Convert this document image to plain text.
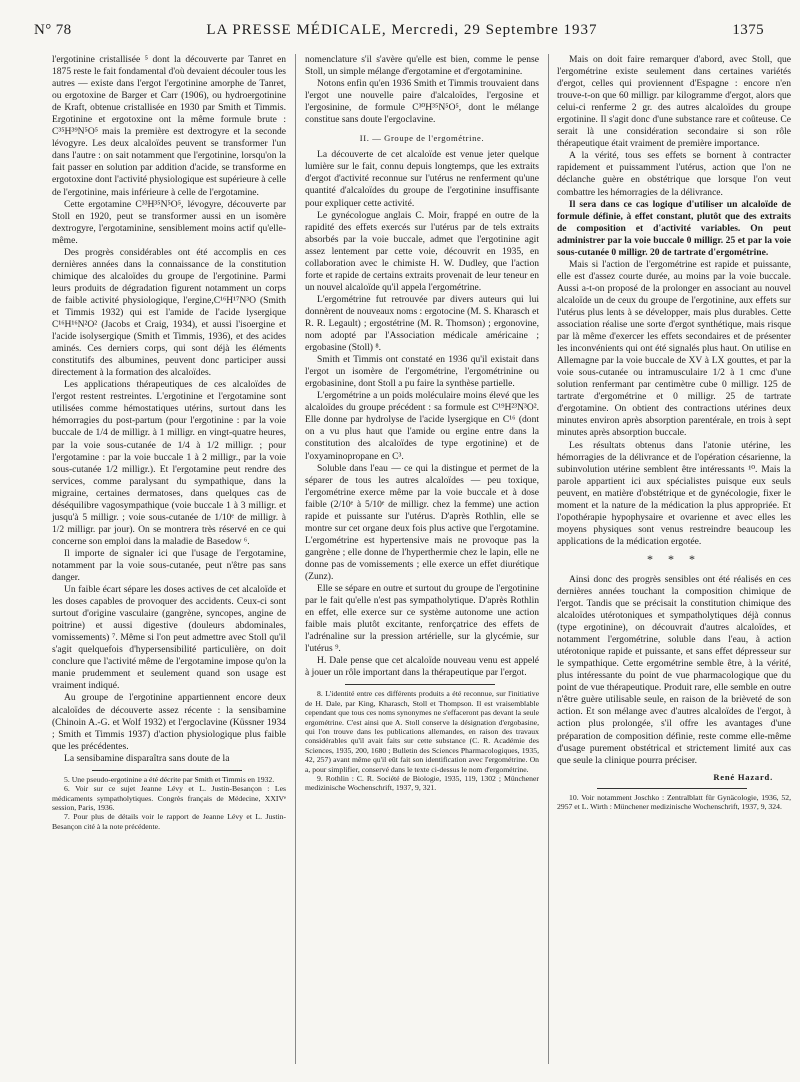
N° 78	LA PRESSE MÉDICALE, Mercredi, 29 Septembre 1937	1375

l'ergotinine cristallisée ⁵ dont la découverte par Tanret en 1875 reste le fait fondamental d'où devaient découler tous les autres — existe dans l'ergot l'ergotinine amorphe de Tanret, ou ergotoxine de Barger et Carr (1906), ou hydroergotinine de Kraft, obtenue cristallisée en 1930 par Smith et Timmis. Ergotinine et ergotoxine ont la même formule brute : C³⁵H³⁹N⁵O⁵ mais la première est dextrogyre et la seconde lévogyre. Les deux alcaloïdes peuvent se transformer l'un dans l'autre : on sait notamment que l'ergotinine, lorsqu'on la fait passer en solution par addition d'acide, se transforme en ergotoxine dont l'activité physiologique est supérieure à celle de l'ergotinine, mais inférieure à celle de l'ergotamine.

Cette ergotamine C³³H³⁵N⁵O⁵, lévogyre, découverte par Stoll en 1920, peut se transformer aussi en un isomère dextrogyre, l'ergotaminine, sensiblement moins actif qu'elle-même.

Des progrès considérables ont été accomplis en ces dernières années dans la connaissance de la constitution chimique des alcaloïdes du groupe de l'ergotinine. Parmi leurs produits de dégradation figurent notamment un corps de faible activité physiologique, l'ergine,C¹⁶H¹⁷N³O (Smith et Timmis 1932) qui est l'amide de l'acide lysergique C¹⁶H¹⁶N²O² (Jacobs et Craig, 1934), et aussi l'isoergine et l'acide isolysergique (Smith et Timmis, 1936), et des acides aminés. Ces derniers corps, qui sont déjà les éléments constitutifs des albumines, peuvent donc participer aussi directement à la formation des alcaloïdes.

Les applications thérapeutiques de ces alcaloïdes de l'ergot restent restreintes. L'ergotinine et l'ergotamine sont utilisées comme hémostatiques utérins, surtout dans les hémorragies du post-partum (pour l'ergotinine : par la voie buccale de 1/4 de milligr. à 1 milligr. en vingt-quatre heures, par la voie sous-cutanée de 1/4 à 1/2 milligr. ; pour l'ergotamine : par la voie buccale 1 à 2 milligr., par la voie sous-cutanée 1/2 milligr.). Et l'ergotamine peut rendre des services, comme paralysant du sympathique, dans la migraine, certaines dermatoses, dans quelques cas de déséquilibre vagosympathique (voie buccale 1 à 3 milligr. et jusqu'à 5 milligr. ; voie sous-cutanée de 1/10ᵉ de milligr. à 1/2 milligr. par jour). On se montrera très réservé en ce qui concerne son emploi dans la maladie de Basedow ⁶.

Il importe de signaler ici que l'usage de l'ergotamine, notamment par la voie sous-cutanée, peut n'être pas sans danger.

Un faible écart sépare les doses actives de cet alcaloïde et les doses capables de provoquer des accidents. Ceux-ci sont surtout d'origine vasculaire (gangrène, syncopes, angine de poitrine) et aussi digestive (douleurs abdominales, vomissements) ⁷. Même si l'on peut admettre avec Stoll qu'il s'agit quelquefois d'hypersensibilité particulière, on doit conclure que l'activité même de l'ergotamine impose qu'on la manie prudemment et seulement quand son usage est vraiment indiqué.

Au groupe de l'ergotinine appartiennent encore deux alcaloïdes de découverte assez récente : la sensibamine (Chinoin A.-G. et Wolf 1932) et l'ergoclavine (Küssner 1934 ; Smith et Timmis 1937) d'action physiologique plus faible que les précédentes.

La sensibamine disparaîtra sans doute de la

5. Une pseudo-ergotinine a été décrite par Smith et Timmis en 1932.

6. Voir sur ce sujet Jeanne Lévy et L. Justin-Besançon : Les médicaments sympatholytiques. Congrès français de Médecine, XXIVᵉ session, Paris, 1936.

7. Pour plus de détails voir le rapport de Jeanne Lévy et L. Justin-Besançon cité à la note précédente.

nomenclature s'il s'avère qu'elle est bien, comme le pense Stoll, un simple mélange d'ergotamine et d'ergotaminine.

Notons enfin qu'en 1936 Smith et Timmis trouvaient dans l'ergot une nouvelle paire d'alcaloïdes, l'ergosine et l'ergosinine, de formule C³⁰H³⁵N⁵O⁵, dont le mélange constitue sans doute l'ergoclavine.

II. — Groupe de l'ergométrine.

La découverte de cet alcaloïde est venue jeter quelque lumière sur le fait, connu depuis longtemps, que les extraits d'ergot d'activité reconnue sur l'utérus ne renferment qu'une quantité d'alcaloïdes du groupe de l'ergotinine insuffisante pour expliquer cette activité.

Le gynécologue anglais C. Moir, frappé en outre de la rapidité des effets exercés sur l'utérus par de tels extraits absorbés par la voie buccale, admet que l'ergotinine agit assez lentement par cette voie, découvrit en 1935, en collaboration avec le chimiste H. W. Dudley, que l'action forte et rapide de certains extraits provenait de leur teneur en un nouvel alcaloïde qu'il appela l'ergométrine.

L'ergométrine fut retrouvée par divers auteurs qui lui donnèrent de nouveaux noms : ergotocine (M. S. Kharasch et R. R. Legault) ; ergostétrine (M. R. Thomson) ; ergonovine, nom adopté par l'Association médicale américaine ; ergobasine (Stoll) ⁸.

Smith et Timmis ont constaté en 1936 qu'il existait dans l'ergot un isomère de l'ergométrine, l'ergométrinine ou ergobasinine, dont Stoll a pu faire la synthèse partielle.

L'ergométrine a un poids moléculaire moins élevé que les alcaloïdes du groupe précédent : sa formule est C¹⁹H²³N³O². Elle donne par hydrolyse de l'acide lysergique en C¹⁶ (dont on a vu plus haut que l'amide ou ergine entre dans la constitution des alcaloïdes de type ergotinine) et de l'oxyaminopropane en C³.

Soluble dans l'eau — ce qui la distingue et permet de la séparer de tous les autres alcaloïdes — peu toxique, l'ergométrine exerce même par la voie buccale et à dose faible (2/10ᵉ à 5/10ᵉ de milligr. chez la femme) une action rapide et puissante sur l'utérus. D'après Rothlin, elle se montre sur cet organe deux fois plus active que l'ergotamine. L'ergométrine est hypertensive mais ne provoque pas la gangrène ; elle donne de l'hyperthermie chez le lapin, elle ne donne pas de vomissements ; elle exerce un effet diurétique (Zunz).

Elle se sépare en outre et surtout du groupe de l'ergotinine par le fait qu'elle n'est pas sympatholytique. D'après Rothlin en effet, elle exerce sur ce système autonome une action faible mais plutôt excitante, renforçatrice des effets de l'adrénaline sur la pression artérielle, sur la glycémie, sur l'utérus ⁹.

H. Dale pense que cet alcaloïde nouveau venu est appelé à jouer un rôle important dans la thérapeutique par l'ergot.

8. L'identité entre ces différents produits a été reconnue, sur l'initiative de H. Dale, par King, Kharasch, Stoll et Thompson. Il est vraisemblable cependant que tous ces noms synonymes ne s'effaceront pas devant la seule ergométrine. C'est ainsi que A. Stoll conserve la désignation d'ergobasine, qui l'on trouve dans les publications allemandes, en raison des travaux considérables qu'il avait faits sur cette substance (C. R. Académie des Sciences, 1935, 200, 1680 ; Bulletin des Sciences Pharmacologiques, 1935, 42, 257) avant même qu'il eût fait son identification avec l'ergométrine. On a, pour simplifier, conservé dans le texte ci-dessus le nom d'ergométrine.

9. Rothlin : C. R. Société de Biologie, 1935, 119, 1302 ; Münchener medizinische Wochenschrift, 1937, 9, 321.

Mais on doit faire remarquer d'abord, avec Stoll, que l'ergométrine existe seulement dans certaines variétés d'ergot, celles qui proviennent d'Espagne : encore n'en trouve-t-on que 60 milligr. par kilogramme d'ergot, alors que celui-ci renferme 2 gr. des autres alcaloïdes du groupe ergotinine. Il s'agit donc d'une substance rare et coûteuse. Ce serait là une considération secondaire si son rôle thérapeutique était vraiment de première importance.

A la vérité, tous ses effets se bornent à contracter rapidement et puissamment l'utérus, action que l'on ne déclanche guère en obstétrique que lorsque l'on veut combattre les hémorragies de la délivrance.

Il sera dans ce cas logique d'utiliser un alcaloïde de formule définie, à effet constant, plutôt que des extraits de composition et d'activité variables. On peut administrer par la voie buccale 0 milligr. 25 et par la voie sous-cutanée 0 milligr. 20 de tartrate d'ergométrine.

Mais si l'action de l'ergométrine est rapide et puissante, elle est d'assez courte durée, au moins par la voie buccale. Aussi a-t-on proposé de la prolonger en associant au nouvel alcaloïde un de ceux du groupe de l'ergotinine, aux effets sur l'utérus plus lents à se développer, mais plus durables. Cette association réalise une sorte d'ergot synthétique, mais risque par là même d'exercer les effets secondaires et de présenter les inconvénients qui ont été signalés plus haut. On utilise en Allemagne par la voie buccale de XV à LX gouttes, et par la voie sous-cutanée ou intramusculaire 1/2 à 1 cmc d'une solution renfermant par centimètre cube 0 milligr. 125 de tartrate d'ergométrine et 0 milligr. 25 de tartrate d'ergotamine. On obtient des contractions utérines deux minutes environ après absorption parentérale, en trois à sept minutes après absorption buccale.

Les résultats obtenus dans l'atonie utérine, les hémorragies de la délivrance et de l'opération césarienne, la subinvolution utérine semblent être intéressants ¹⁰. Mais la parole appartient ici aux spécialistes puisque eux seuls peuvent, en matière d'obstétrique et de gynécologie, fixer le moment et la nature de la médication la plus appropriée. Et l'opothérapie hypophysaire et ovarienne et avec elles les moyens physiques sont venus restreindre beaucoup les applications de la médication ergotée.

* * *

Ainsi donc des progrès sensibles ont été réalisés en ces dernières années touchant la composition chimique de l'ergot. Tandis que se précisait la constitution chimique des alcaloïdes utérotoniques et sympatholytiques déjà connus (type ergotinine), on découvrait d'autres alcaloïdes, et notamment l'ergométrine, soluble dans l'eau, à action utérotonique rapide et puissante, et sans effet dépresseur sur le sympathique. Cette ergométrine semble être, à la vérité, plus intéressante du point de vue pharmacologique que du point de vue thérapeutique. Produit rare, elle semble en outre n'être guère utilisable seule, en raison de la brièveté de son action. Et son mélange avec d'autres alcaloïdes de l'ergot, à action plus prolongée, s'il offre les avantages d'une préparation de composition définie, reste comme elle-même d'usage purement obstétrical et strictement limité aux cas que seule la clinique pourra préciser.

René Hazard.

10. Voir notamment Joschko : Zentralblatt für Gynäcologie, 1936, 52, 2957 et L. Wirth : Münchener medizinische Wochenschrift, 1937, 9, 324.
